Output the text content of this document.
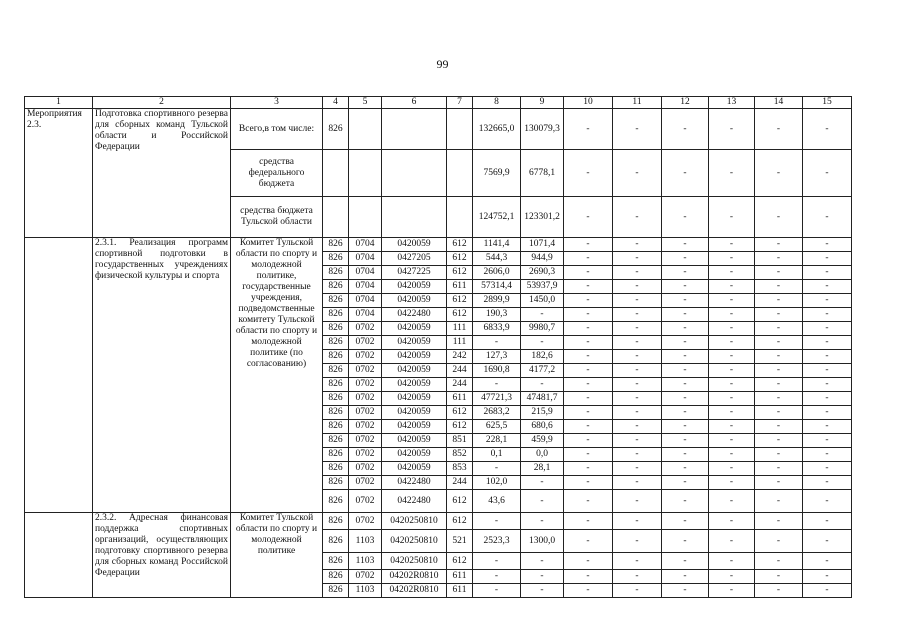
99
1	2	3	4	5	6	7	8	9	10	11	12	13	14	15
Мероприятия 2.3.	Подготовка спортивного резерва для сборных команд Тульской области и Российской Федерации	Всего,в том числе:	826				132665,0	130079,3	-	-	-	-	-	-
		средства федерального бюджета					7569,9	6778,1	-	-	-	-	-	-
		средства бюджета Тульской области					124752,1	123301,2	-	-	-	-	-	-
	2.3.1. Реализация программ спортивной подготовки в государственных учреждениях физической культуры и спорта	Комитет Тульской области по спорту и молодежной политике, государственные учреждения, подведомственные комитету Тульской области по спорту и молодежной политике (по согласованию)	826	0704	0420059	612	1141,4	1071,4	-	-	-	-	-	-
			826	0704	0427205	612	544,3	944,9	-	-	-	-	-	-
			826	0704	0427225	612	2606,0	2690,3	-	-	-	-	-	-
			826	0704	0420059	611	57314,4	53937,9	-	-	-	-	-	-
			826	0704	0420059	612	2899,9	1450,0	-	-	-	-	-	-
			826	0704	0422480	612	190,3	-	-	-	-	-	-	-
			826	0702	0420059	111	6833,9	9980,7	-	-	-	-	-	-
			826	0702	0420059	111	-	-	-	-	-	-	-	-
			826	0702	0420059	242	127,3	182,6	-	-	-	-	-	-
			826	0702	0420059	244	1690,8	4177,2	-	-	-	-	-	-
			826	0702	0420059	244	-	-	-	-	-	-	-	-
			826	0702	0420059	611	47721,3	47481,7	-	-	-	-	-	-
			826	0702	0420059	612	2683,2	215,9	-	-	-	-	-	-
			826	0702	0420059	612	625,5	680,6	-	-	-	-	-	-
			826	0702	0420059	851	228,1	459,9	-	-	-	-	-	-
			826	0702	0420059	852	0,1	0,0	-	-	-	-	-	-
			826	0702	0420059	853	-	28,1	-	-	-	-	-	-
			826	0702	0422480	244	102,0	-	-	-	-	-	-	-
			826	0702	0422480	612	43,6	-	-	-	-	-	-	-
	2.3.2. Адресная финансовая поддержка спортивных организаций, осуществляющих подготовку спортивного резерва для сборных команд Российской Федерации	Комитет Тульской области по спорту и молодежной политике	826	0702	0420250810	612	-	-	-	-	-	-	-	-
			826	1103	0420250810	521	2523,3	1300,0	-	-	-	-	-	-
			826	1103	0420250810	612	-	-	-	-	-	-	-	-
			826	0702	04202R0810	611	-	-	-	-	-	-	-	-
			826	1103	04202R0810	611	-	-	-	-	-	-	-	-
